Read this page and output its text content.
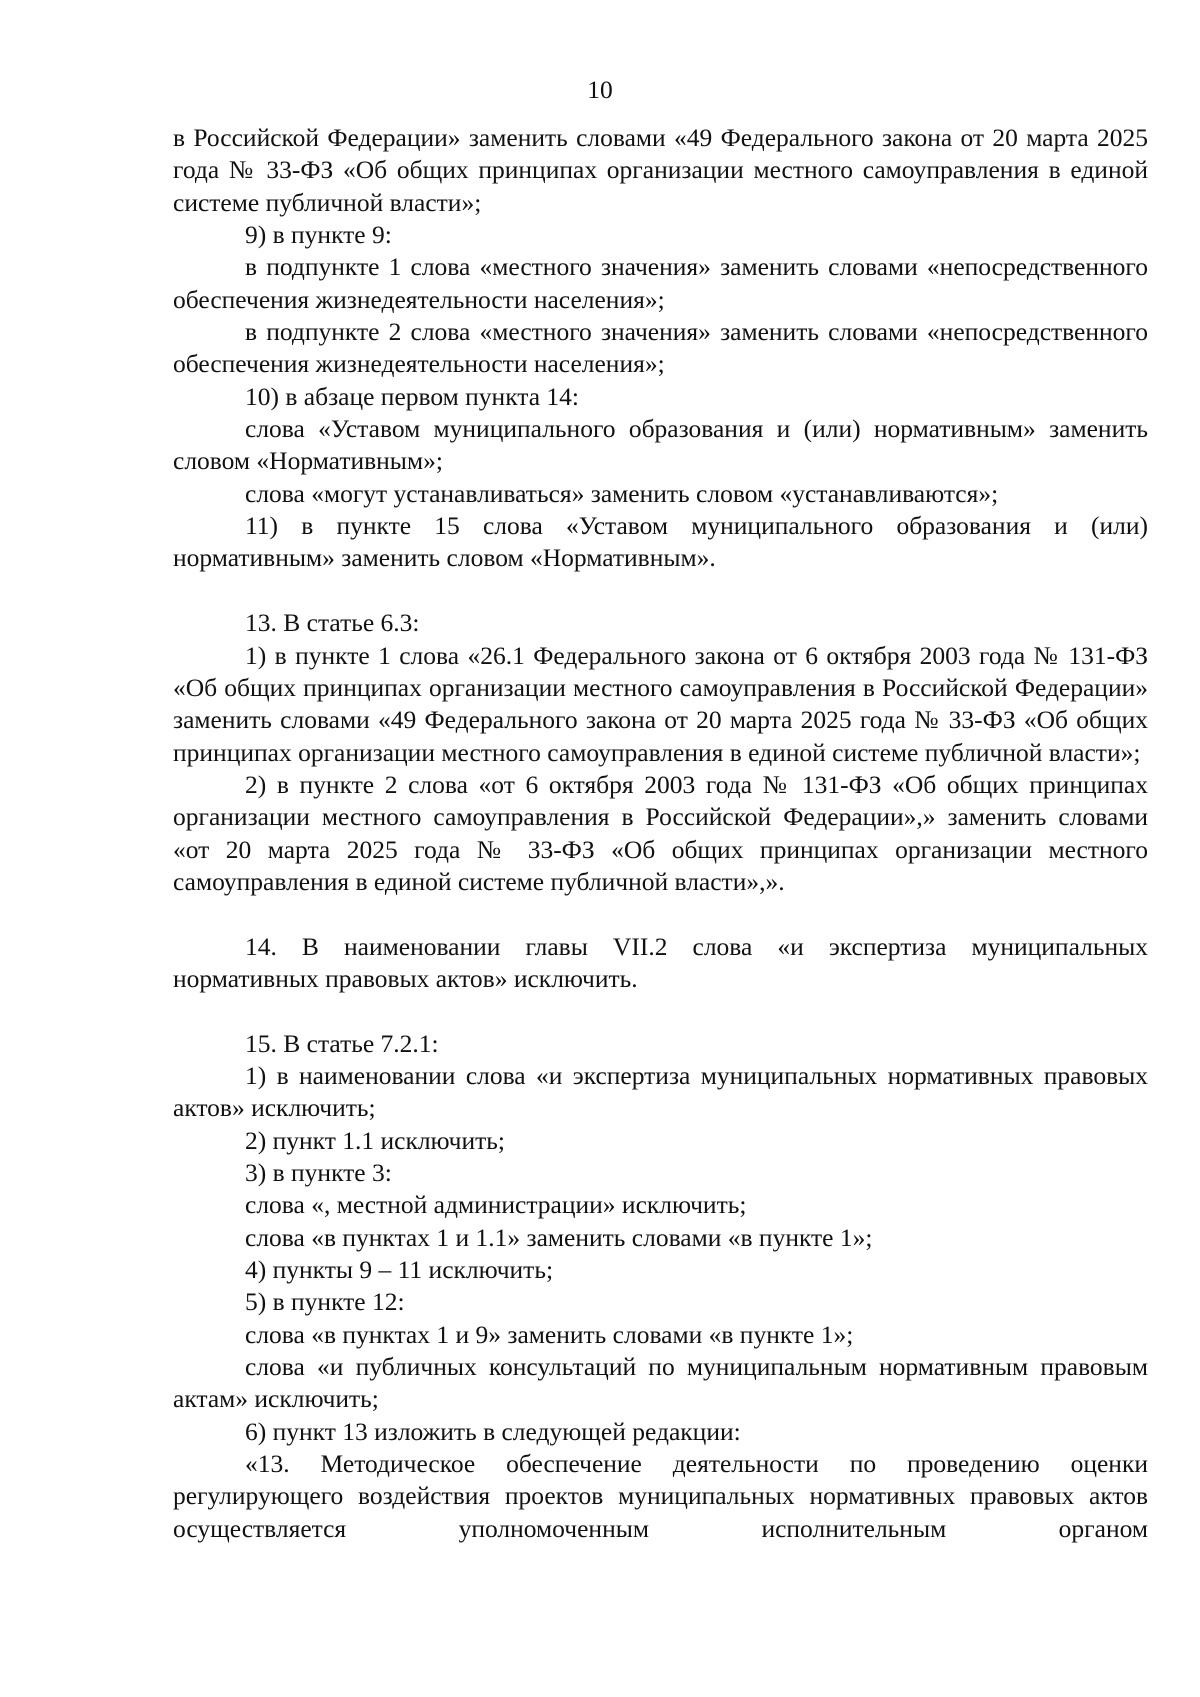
10

в Российской Федерации» заменить словами «49 Федерального закона от 20 марта 2025 года № 33-ФЗ «Об общих принципах организации местного самоуправления в единой системе публичной власти»;

9) в пункте 9:

в подпункте 1 слова «местного значения» заменить словами «непосредственного обеспечения жизнедеятельности населения»;

в подпункте 2 слова «местного значения» заменить словами «непосредственного обеспечения жизнедеятельности населения»;

10) в абзаце первом пункта 14:

слова «Уставом муниципального образования и (или) нормативным» заменить словом «Нормативным»;

слова «могут устанавливаться» заменить словом «устанавливаются»;

11) в пункте 15 слова «Уставом муниципального образования и (или) нормативным» заменить словом «Нормативным».

13. В статье 6.3:

1) в пункте 1 слова «26.1 Федерального закона от 6 октября 2003 года № 131-ФЗ «Об общих принципах организации местного самоуправления в Российской Федерации» заменить словами «49 Федерального закона от 20 марта 2025 года № 33-ФЗ «Об общих принципах организации местного самоуправления в единой системе публичной власти»;

2) в пункте 2 слова «от 6 октября 2003 года № 131-ФЗ «Об общих принципах организации местного самоуправления в Российской Федерации»,» заменить словами «от 20 марта 2025 года № 33-ФЗ «Об общих принципах организации местного самоуправления в единой системе публичной власти»,».

14. В наименовании главы VII.2 слова «и экспертиза муниципальных нормативных правовых актов» исключить.

15. В статье 7.2.1:

1) в наименовании слова «и экспертиза муниципальных нормативных правовых актов» исключить;

2) пункт 1.1 исключить;

3) в пункте 3:

слова «, местной администрации» исключить;

слова «в пунктах 1 и 1.1» заменить словами «в пункте 1»;

4) пункты 9 – 11 исключить;

5) в пункте 12:

слова «в пунктах 1 и 9» заменить словами «в пункте 1»;

слова «и публичных консультаций по муниципальным нормативным правовым актам» исключить;

6) пункт 13 изложить в следующей редакции:

«13. Методическое обеспечение деятельности по проведению оценки регулирующего воздействия проектов муниципальных нормативных правовых актов осуществляется уполномоченным исполнительным органом
